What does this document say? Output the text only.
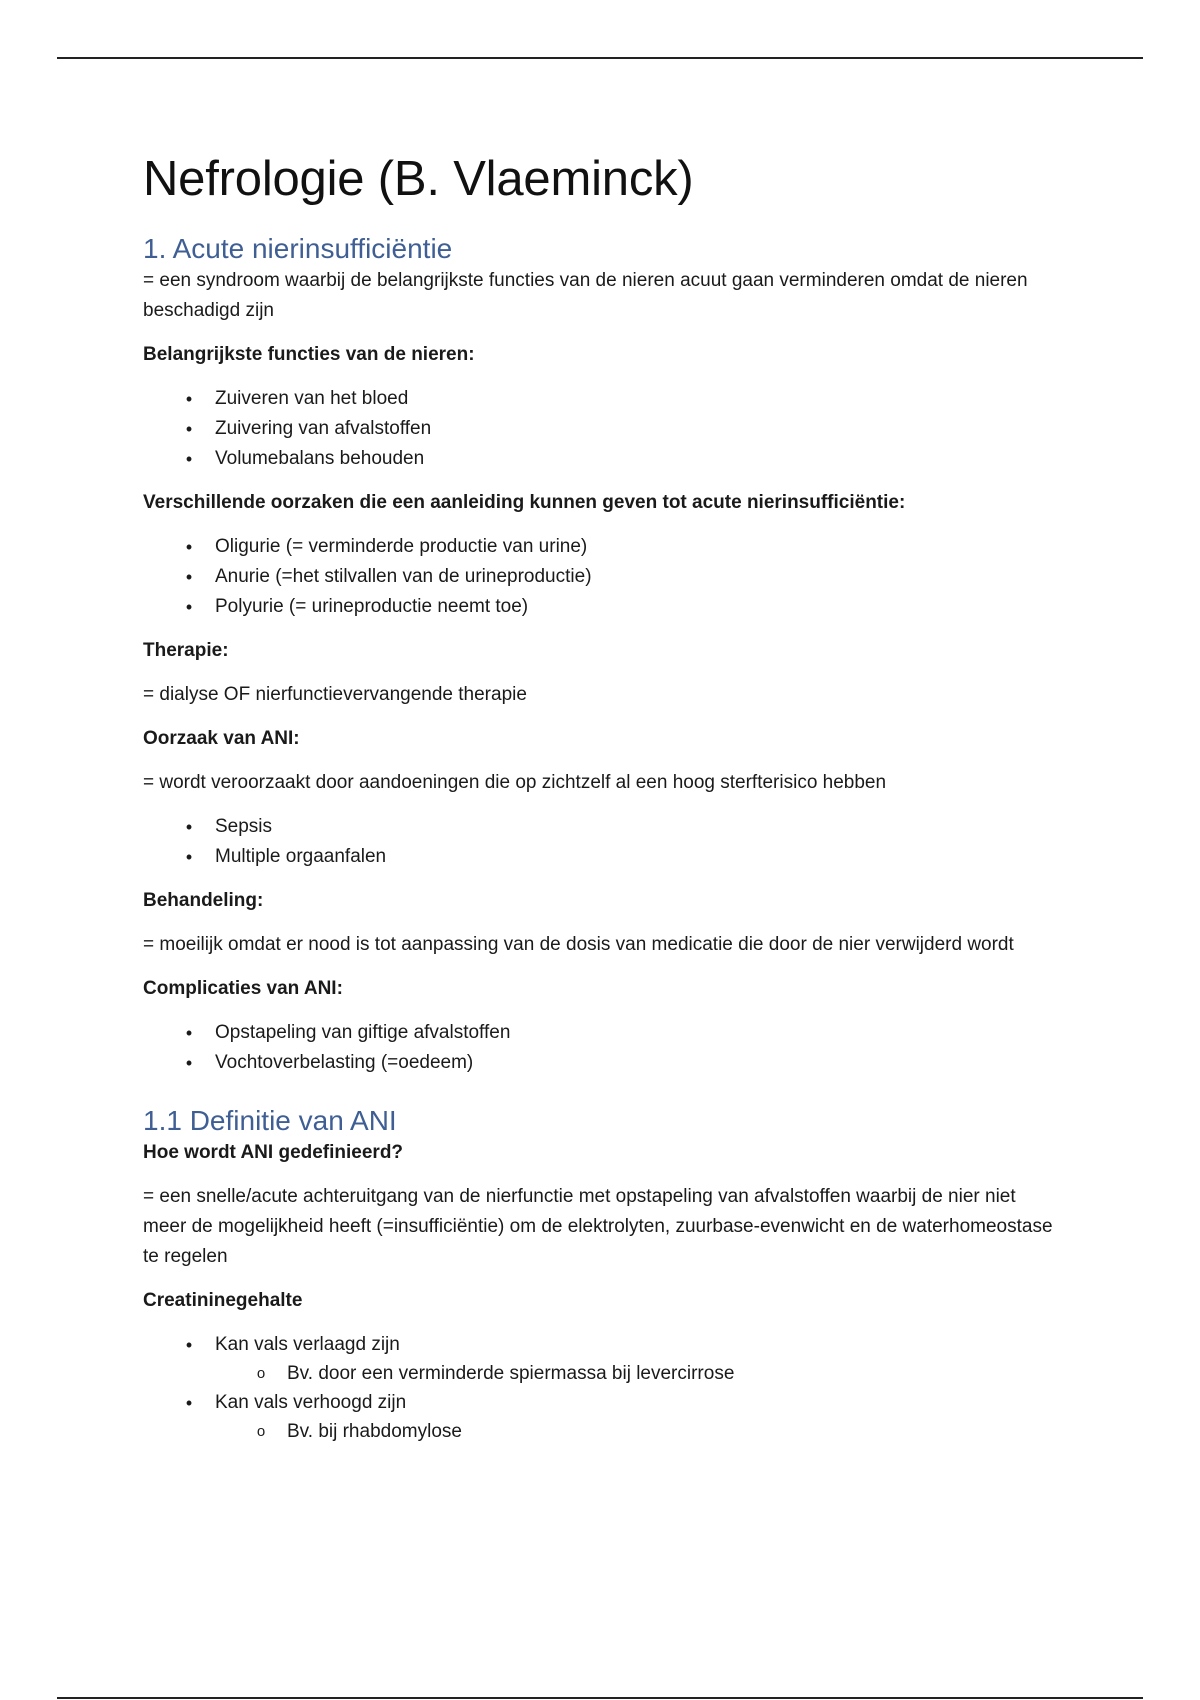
Nefrologie (B. Vlaeminck)
1. Acute nierinsufficiëntie

= een syndroom waarbij de belangrijkste functies van de nieren acuut gaan verminderen omdat de nieren beschadigd zijn

Belangrijkste functies van de nieren:

•	Zuiveren van het bloed
•	Zuivering van afvalstoffen
•	Volumebalans behouden

Verschillende oorzaken die een aanleiding kunnen geven tot acute nierinsufficiëntie:

•	Oligurie (= verminderde productie van urine)
•	Anurie (=het stilvallen van de urineproductie)
•	Polyurie (= urineproductie neemt toe)

Therapie:

= dialyse OF nierfunctievervangende therapie

Oorzaak van ANI:

= wordt veroorzaakt door aandoeningen die op zichtzelf al een hoog sterfterisico hebben

•	Sepsis
•	Multiple orgaanfalen

Behandeling:

= moeilijk omdat er nood is tot aanpassing van de dosis van medicatie die door de nier verwijderd wordt

Complicaties van ANI:

•	Opstapeling van giftige afvalstoffen
•	Vochtoverbelasting (=oedeem)
1.1 Definitie van ANI

Hoe wordt ANI gedefinieerd?

= een snelle/acute achteruitgang van de nierfunctie met opstapeling van afvalstoffen waarbij de nier niet meer de mogelijkheid heeft (=insufficiëntie) om de elektrolyten, zuurbase-evenwicht en de waterhomeostase te regelen

Creatininegehalte

•	Kan vals verlaagd zijn
o	Bv. door een verminderde spiermassa bij levercirrose
•	Kan vals verhoogd zijn
o	Bv. bij rhabdomylose
